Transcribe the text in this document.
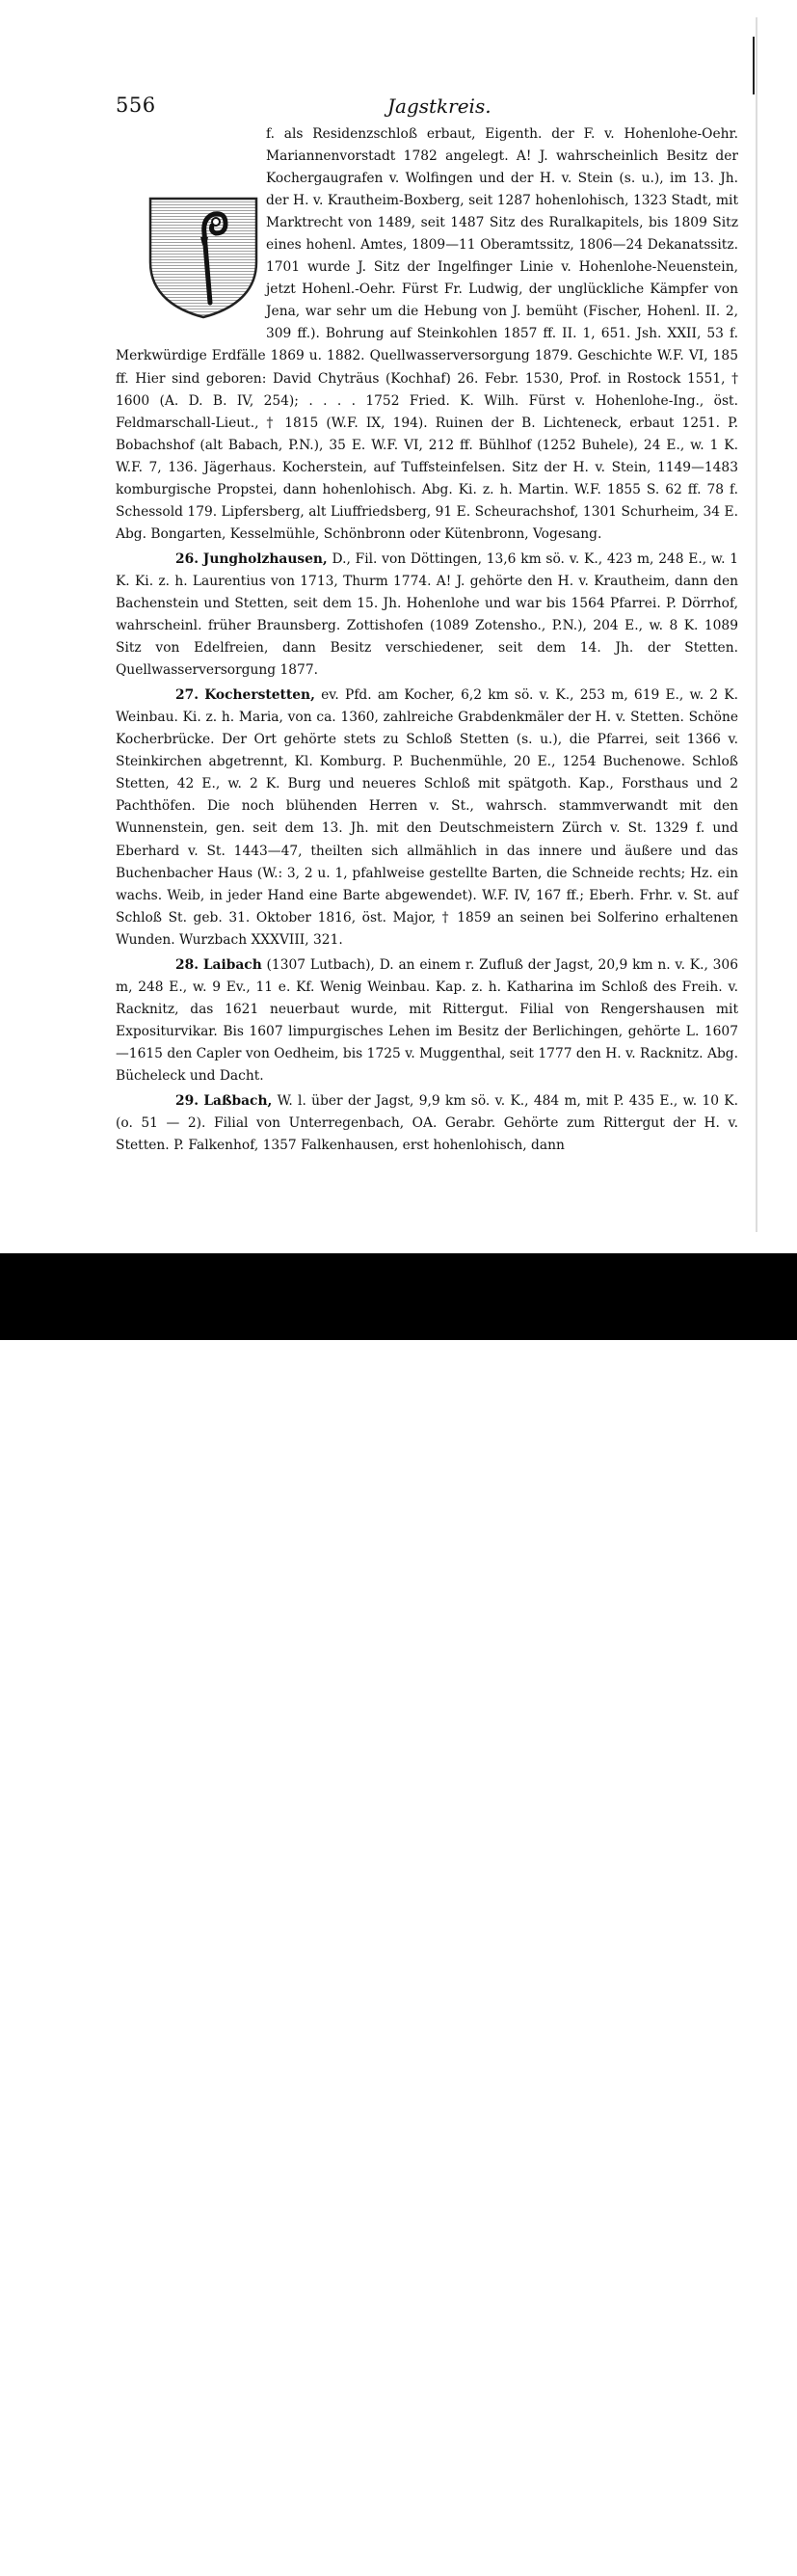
556	Jagstkreis.

f. als Residenzschloß erbaut, Eigenth. der F. v. Hohenlohe-Oehr. Mariannenvorstadt 1782 angelegt. A! J. wahrscheinlich Besitz der Kochergaugrafen v. Wolfingen und der H. v. Stein (s. u.), im 13. Jh. der H. v. Krautheim-Boxberg, seit 1287 hohenlohisch, 1323 Stadt, mit Marktrecht von 1489, seit 1487 Sitz des Ruralkapitels, bis 1809 Sitz eines hohenl. Amtes, 1809—11 Oberamtssitz, 1806—24 Dekanatssitz. 1701 wurde J. Sitz der Ingelfinger Linie v. Hohenlohe-Neuenstein, jetzt Hohenl.-Oehr. Fürst Fr. Ludwig, der unglückliche Kämpfer von Jena, war sehr um die Hebung von J. bemüht (Fischer, Hohenl. II. 2, 309 ff.). Bohrung auf Steinkohlen 1857 ff. II. 1, 651. Jsh. XXII, 53 f. Merkwürdige Erdfälle 1869 u. 1882. Quellwasserversorgung 1879. Geschichte W.F. VI, 185 ff. Hier sind geboren: David Chyträus (Kochhaf) 26. Febr. 1530, Prof. in Rostock 1551, † 1600 (A. D. B. IV, 254); . . . . 1752 Fried. K. Wilh. Fürst v. Hohenlohe-Ing., öst. Feldmarschall-Lieut., † 1815 (W.F. IX, 194). Ruinen der B. Lichteneck, erbaut 1251. P. Bobachshof (alt Babach, P.N.), 35 E. W.F. VI, 212 ff. Bühlhof (1252 Buhele), 24 E., w. 1 K. W.F. 7, 136. Jägerhaus. Kocherstein, auf Tuffsteinfelsen. Sitz der H. v. Stein, 1149—1483 komburgische Propstei, dann hohenlohisch. Abg. Ki. z. h. Martin. W.F. 1855 S. 62 ff. 78 f. Schessold 179. Lipfersberg, alt Liuffriedsberg, 91 E. Scheurachshof, 1301 Schurheim, 34 E. Abg. Bongarten, Kesselmühle, Schönbronn oder Kütenbronn, Vogesang.

26. Jungholzhausen, D., Fil. von Döttingen, 13,6 km sö. v. K., 423 m, 248 E., w. 1 K. Ki. z. h. Laurentius von 1713, Thurm 1774. A! J. gehörte den H. v. Krautheim, dann den Bachenstein und Stetten, seit dem 15. Jh. Hohenlohe und war bis 1564 Pfarrei. P. Dörrhof, wahrscheinl. früher Braunsberg. Zottishofen (1089 Zotensho., P.N.), 204 E., w. 8 K. 1089 Sitz von Edelfreien, dann Besitz verschiedener, seit dem 14. Jh. der Stetten. Quellwasserversorgung 1877.

27. Kocherstetten, ev. Pfd. am Kocher, 6,2 km sö. v. K., 253 m, 619 E., w. 2 K. Weinbau. Ki. z. h. Maria, von ca. 1360, zahlreiche Grabdenkmäler der H. v. Stetten. Schöne Kocherbrücke. Der Ort gehörte stets zu Schloß Stetten (s. u.), die Pfarrei, seit 1366 v. Steinkirchen abgetrennt, Kl. Komburg. P. Buchenmühle, 20 E., 1254 Buchenowe. Schloß Stetten, 42 E., w. 2 K. Burg und neueres Schloß mit spätgoth. Kap., Forsthaus und 2 Pachthöfen. Die noch blühenden Herren v. St., wahrsch. stammverwandt mit den Wunnenstein, gen. seit dem 13. Jh. mit den Deutschmeistern Zürch v. St. 1329 f. und Eberhard v. St. 1443—47, theilten sich allmählich in das innere und äußere und das Buchenbacher Haus (W.: 3, 2 u. 1, pfahlweise gestellte Barten, die Schneide rechts; Hz. ein wachs. Weib, in jeder Hand eine Barte abgewendet). W.F. IV, 167 ff.; Eberh. Frhr. v. St. auf Schloß St. geb. 31. Oktober 1816, öst. Major, † 1859 an seinen bei Solferino erhaltenen Wunden. Wurzbach XXXVIII, 321.

28. Laibach (1307 Lutbach), D. an einem r. Zufluß der Jagst, 20,9 km n. v. K., 306 m, 248 E., w. 9 Ev., 11 e. Kf. Wenig Weinbau. Kap. z. h. Katharina im Schloß des Freih. v. Racknitz, das 1621 neuerbaut wurde, mit Rittergut. Filial von Rengershausen mit Expositurvikar. Bis 1607 limpurgisches Lehen im Besitz der Berlichingen, gehörte L. 1607—1615 den Capler von Oedheim, bis 1725 v. Muggenthal, seit 1777 den H. v. Racknitz. Abg. Bücheleck und Dacht.

29. Laßbach, W. l. über der Jagst, 9,9 km sö. v. K., 484 m, mit P. 435 E., w. 10 K. (o. 51 — 2). Filial von Unterregenbach, OA. Gerabr. Gehörte zum Rittergut der H. v. Stetten. P. Falkenhof, 1357 Falkenhausen, erst hohenlohisch, dann

alamy	KX40ET
www.alamy.com
